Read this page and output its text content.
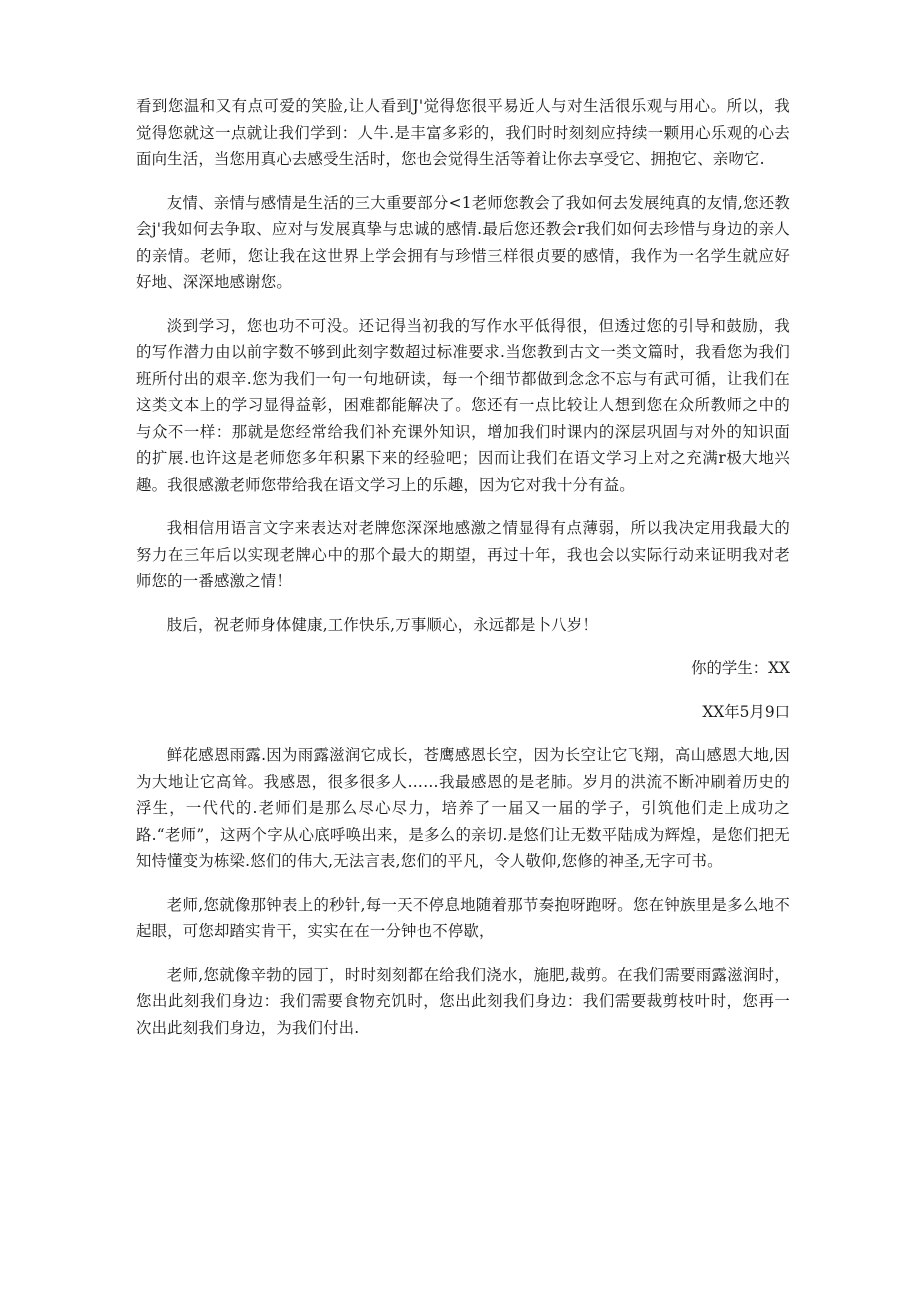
看到您温和又有点可爱的笑脸,让人看到J'觉得您很平易近人与对生活很乐观与用心。所以，我觉得您就这一点就让我们学到：人牛.是丰富多彩的，我们时时刻刻应持续一颗用心乐观的心去面向生活，当您用真心去感受生活时，您也会觉得生活等着让你去享受它、拥抱它、亲吻它.

友情、亲情与感情是生活的三大重要部分<1老师您教会了我如何去发展纯真的友情,您还教会j'我如何去争取、应对与发展真挚与忠诚的感情.最后您还教会r我们如何去珍惜与身边的亲人的亲情。老师，您让我在这世界上学会拥有与珍惜三样很贞要的感情，我作为一名学生就应好好地、深深地感谢您。

淡到学习，您也功不可没。还记得当初我的写作水平低得很，但透过您的引导和鼓励，我的写作潜力由以前字数不够到此刻字数超过标准要求.当您教到古文一类文篇时，我看您为我们班所付出的艰辛.您为我们一句一句地研读，每一个细节都做到念念不忘与有武可循，让我们在这类文本上的学习显得益彰，困难都能解决了。您还有一点比较让人想到您在众所教师之中的与众不一样：那就是您经常给我们补充课外知识，增加我们时课内的深层巩固与对外的知识面的扩展.也许这是老师您多年积累下来的经验吧；因而让我们在语文学习上对之充满r极大地兴趣。我很感激老师您带给我在语文学习上的乐趣，因为它对我十分有益。

我相信用语言文字来表达对老牌您深深地感激之情显得有点薄弱，所以我决定用我最大的努力在三年后以实现老牌心中的那个最大的期望，再过十年，我也会以实际行动来证明我对老师您的一番感激之情！

肢后，祝老师身体健康,工作快乐,万事顺心，永远都是卜八岁！

你的学生：XX

XX年5月9口

鲜花感恩雨露.因为雨露滋润它成长，苍鹰感恩长空，因为长空让它飞翔，高山感恩大地,因为大地让它高耸。我感恩，很多很多人……我最感恩的是老肺。岁月的洪流不断冲刷着历史的浮生，一代代的.老师们是那么尽心尽力，培养了一届又一届的学子，引筑他们走上成功之路.“老师”，这两个字从心底呼唤出来，是多么的亲切.是悠们让无数平陆成为辉煌，是您们把无知恃懂变为栋梁.悠们的伟大,无法言表,您们的平凡，令人敬仰,您修的神圣,无字可书。

老师,您就像那钟表上的秒针,每一天不停息地随着那节奏抱呀跑呀。您在钟族里是多么地不起眼，可您却踏实肯干，实实在在一分钟也不停歇，

老师,您就像辛勃的园丁，时时刻刻都在给我们浇水，施肥,裁剪。在我们需要雨露滋润时，您出此刻我们身边：我们需要食物充饥时，您出此刻我们身边：我们需要裁剪枝叶时，您再一次出此刻我们身边，为我们付出.
